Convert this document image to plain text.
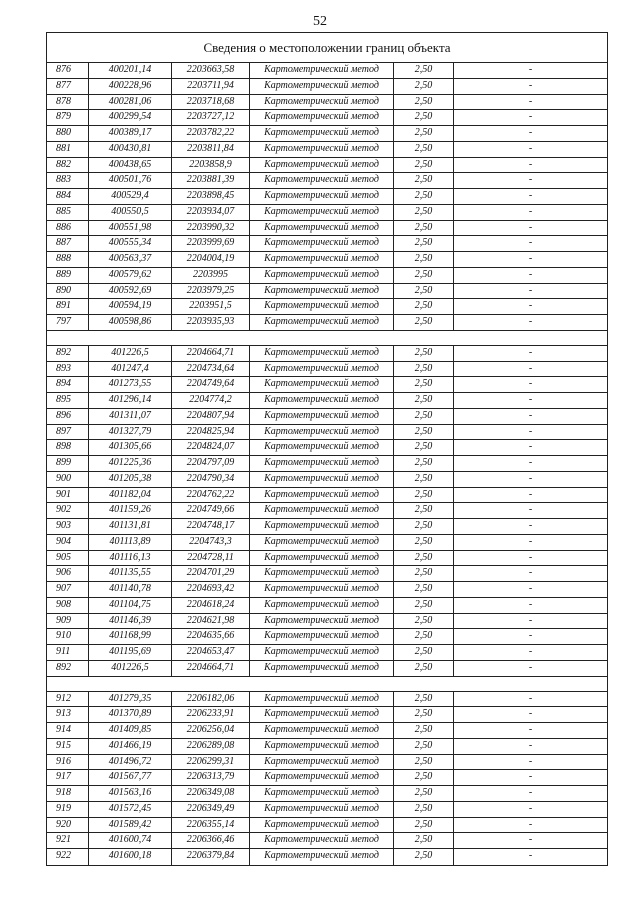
52
Сведения о местоположении границ объекта
876	400201,14	2203663,58	Картометрический метод	2,50	-
877	400228,96	2203711,94	Картометрический метод	2,50	-
878	400281,06	2203718,68	Картометрический метод	2,50	-
879	400299,54	2203727,12	Картометрический метод	2,50	-
880	400389,17	2203782,22	Картометрический метод	2,50	-
881	400430,81	2203811,84	Картометрический метод	2,50	-
882	400438,65	2203858,9	Картометрический метод	2,50	-
883	400501,76	2203881,39	Картометрический метод	2,50	-
884	400529,4	2203898,45	Картометрический метод	2,50	-
885	400550,5	2203934,07	Картометрический метод	2,50	-
886	400551,98	2203990,32	Картометрический метод	2,50	-
887	400555,34	2203999,69	Картометрический метод	2,50	-
888	400563,37	2204004,19	Картометрический метод	2,50	-
889	400579,62	2203995	Картометрический метод	2,50	-
890	400592,69	2203979,25	Картометрический метод	2,50	-
891	400594,19	2203951,5	Картометрический метод	2,50	-
797	400598,86	2203935,93	Картометрический метод	2,50	-
892	401226,5	2204664,71	Картометрический метод	2,50	-
893	401247,4	2204734,64	Картометрический метод	2,50	-
894	401273,55	2204749,64	Картометрический метод	2,50	-
895	401296,14	2204774,2	Картометрический метод	2,50	-
896	401311,07	2204807,94	Картометрический метод	2,50	-
897	401327,79	2204825,94	Картометрический метод	2,50	-
898	401305,66	2204824,07	Картометрический метод	2,50	-
899	401225,36	2204797,09	Картометрический метод	2,50	-
900	401205,38	2204790,34	Картометрический метод	2,50	-
901	401182,04	2204762,22	Картометрический метод	2,50	-
902	401159,26	2204749,66	Картометрический метод	2,50	-
903	401131,81	2204748,17	Картометрический метод	2,50	-
904	401113,89	2204743,3	Картометрический метод	2,50	-
905	401116,13	2204728,11	Картометрический метод	2,50	-
906	401135,55	2204701,29	Картометрический метод	2,50	-
907	401140,78	2204693,42	Картометрический метод	2,50	-
908	401104,75	2204618,24	Картометрический метод	2,50	-
909	401146,39	2204621,98	Картометрический метод	2,50	-
910	401168,99	2204635,66	Картометрический метод	2,50	-
911	401195,69	2204653,47	Картометрический метод	2,50	-
892	401226,5	2204664,71	Картометрический метод	2,50	-
912	401279,35	2206182,06	Картометрический метод	2,50	-
913	401370,89	2206233,91	Картометрический метод	2,50	-
914	401409,85	2206256,04	Картометрический метод	2,50	-
915	401466,19	2206289,08	Картометрический метод	2,50	-
916	401496,72	2206299,31	Картометрический метод	2,50	-
917	401567,77	2206313,79	Картометрический метод	2,50	-
918	401563,16	2206349,08	Картометрический метод	2,50	-
919	401572,45	2206349,49	Картометрический метод	2,50	-
920	401589,42	2206355,14	Картометрический метод	2,50	-
921	401600,74	2206366,46	Картометрический метод	2,50	-
922	401600,18	2206379,84	Картометрический метод	2,50	-
